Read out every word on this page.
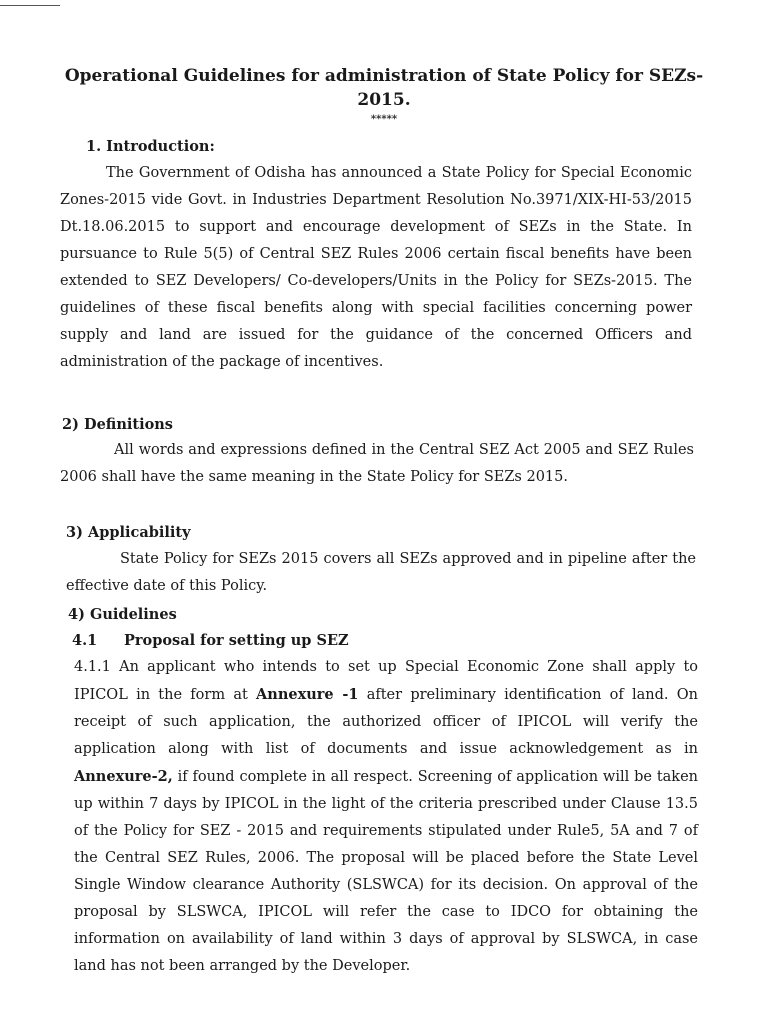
Operational Guidelines for administration of State Policy for SEZs-2015.
*****
1. Introduction:
The Government of Odisha has announced a State Policy for Special Economic Zones-2015 vide Govt. in Industries Department Resolution No.3971/XIX-HI-53/2015 Dt.18.06.2015 to support and encourage development of SEZs in the State. In pursuance to Rule 5(5) of Central SEZ Rules 2006 certain fiscal benefits have been extended to SEZ Developers/ Co-developers/Units in the Policy for SEZs-2015. The guidelines of these fiscal benefits along with special facilities concerning power supply and land are issued for the guidance of the concerned Officers and administration of the package of incentives.
2) Definitions
All words and expressions defined in the Central SEZ Act 2005 and SEZ Rules 2006 shall have the same meaning in the State Policy for SEZs 2015.
3) Applicability
State Policy for SEZs 2015 covers all SEZs approved and in pipeline after the effective date of this Policy.
4) Guidelines
4.1 Proposal for setting up SEZ
4.1.1 An applicant who intends to set up Special Economic Zone shall apply to IPICOL in the form at Annexure -1 after preliminary identification of land. On receipt of such application, the authorized officer of IPICOL will verify the application along with list of documents and issue acknowledgement as in Annexure-2, if found complete in all respect. Screening of application will be taken up within 7 days by IPICOL in the light of the criteria prescribed under Clause 13.5 of the Policy for SEZ - 2015 and requirements stipulated under Rule5, 5A and 7 of the Central SEZ Rules, 2006. The proposal will be placed before the State Level Single Window clearance Authority (SLSWCA) for its decision. On approval of the proposal by SLSWCA, IPICOL will refer the case to IDCO for obtaining the information on availability of land within 3 days of approval by SLSWCA, in case land has not been arranged by the Developer.
